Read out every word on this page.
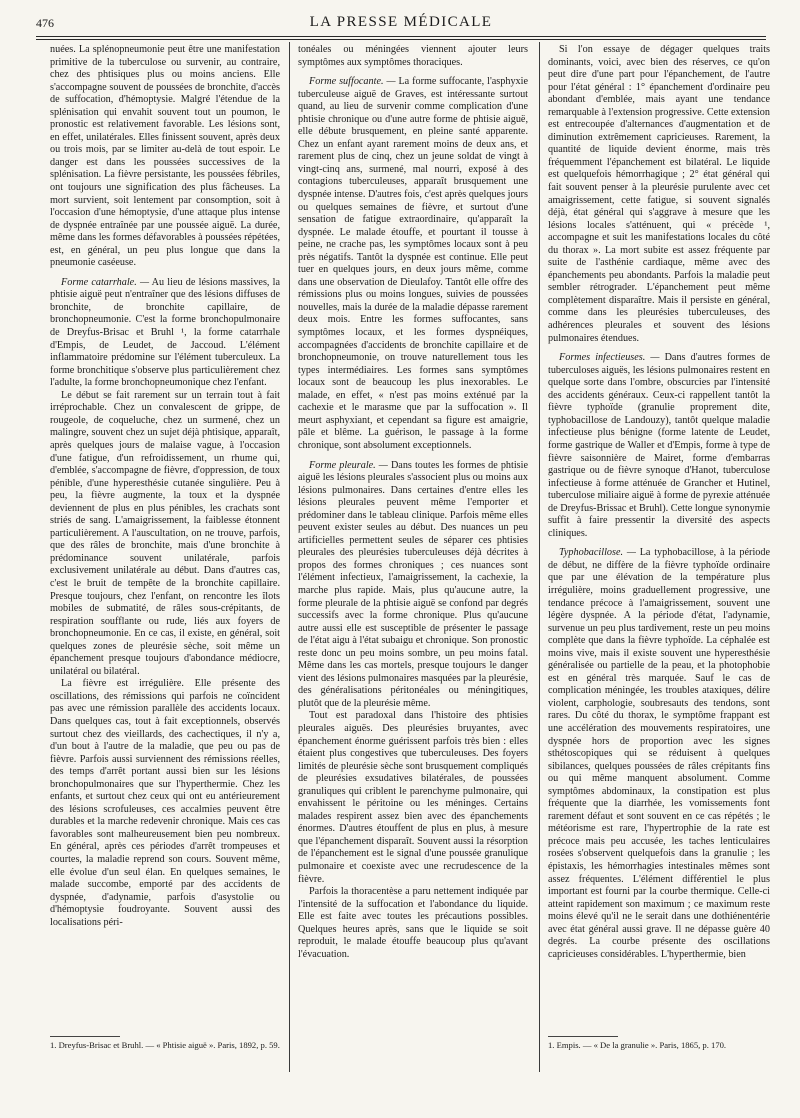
476	LA PRESSE MÉDICALE

nuées. La splénopneumonie peut être une manifestation primitive de la tuberculose ou survenir, au contraire, chez des phtisiques plus ou moins anciens. Elle s'accompagne souvent de poussées de bronchite, d'accès de suffocation, d'hémoptysie. Malgré l'étendue de la splénisation qui envahit souvent tout un poumon, le pronostic est relativement favorable. Les lésions sont, en effet, unilatérales. Elles finissent souvent, après deux ou trois mois, par se limiter au-delà de tout espoir. Le danger est dans les poussées successives de la splénisation. La fièvre persistante, les poussées fébriles, ont toujours une signification des plus fâcheuses. La mort survient, soit lentement par consomption, soit à l'occasion d'une hémoptysie, d'une attaque plus intense de dyspnée entraînée par une poussée aiguë. La durée, même dans les formes défavorables à poussées répétées, est, en général, un peu plus longue que dans la pneumonie caséeuse.

Forme catarrhale. — Au lieu de lésions massives, la phtisie aiguë peut n'entraîner que des lésions diffuses de bronchite, de bronchite capillaire, de bronchopneumonie. C'est la forme bronchopulmonaire de Dreyfus-Brisac et Bruhl ¹, la forme catarrhale d'Empis, de Leudet, de Jaccoud. L'élément inflammatoire prédomine sur l'élément tuberculeux. La forme bronchitique s'observe plus particulièrement chez l'adulte, la forme bronchopneumonique chez l'enfant.

Le début se fait rarement sur un terrain tout à fait irréprochable. Chez un convalescent de grippe, de rougeole, de coqueluche, chez un surmené, chez un malingre, souvent chez un sujet déjà phtisique, apparaît, après quelques jours de malaise vague, à l'occasion d'une fatigue, d'un refroidissement, un rhume qui, d'emblée, s'accompagne de fièvre, d'oppression, de toux pénible, d'une hyperesthésie cutanée singulière. Peu à peu, la fièvre augmente, la toux et la dyspnée deviennent de plus en plus pénibles, les crachats sont striés de sang. L'amaigrissement, la faiblesse étonnent particulièrement. A l'auscultation, on ne trouve, parfois, que des râles de bronchite, mais d'une bronchite à prédominance souvent unilatérale, parfois exclusivement unilatérale au début. Dans d'autres cas, c'est le bruit de tempête de la bronchite capillaire. Presque toujours, chez l'enfant, on rencontre les îlots mobiles de submatité, de râles sous-crépitants, de respiration soufflante ou rude, liés aux foyers de bronchopneumonie. En ce cas, il existe, en général, soit quelques zones de pleurésie sèche, soit même un épanchement presque toujours d'abondance médiocre, unilatéral ou bilatéral.

La fièvre est irrégulière. Elle présente des oscillations, des rémissions qui parfois ne coïncident pas avec une rémission parallèle des accidents locaux. Dans quelques cas, tout à fait exceptionnels, observés surtout chez des vieillards, des cachectiques, il n'y a, d'un bout à l'autre de la maladie, que peu ou pas de fièvre. Parfois aussi surviennent des rémissions réelles, des temps d'arrêt portant aussi bien sur les lésions bronchopulmonaires que sur l'hyperthermie. Chez les enfants, et surtout chez ceux qui ont eu antérieurement des lésions scrofuleuses, ces accalmies peuvent être durables et la marche redevenir chronique. Mais ces cas favorables sont malheureusement bien peu nombreux. En général, après ces périodes d'arrêt trompeuses et courtes, la maladie reprend son cours. Souvent même, elle évolue d'un seul élan. En quelques semaines, le malade succombe, emporté par des accidents de dyspnée, d'adynamie, parfois d'asystolie ou d'hémoptysie foudroyante. Souvent aussi des localisations péri-

tonéales ou méningées viennent ajouter leurs symptômes aux symptômes thoraciques.

Forme suffocante. — La forme suffocante, l'asphyxie tuberculeuse aiguë de Graves, est intéressante surtout quand, au lieu de survenir comme complication d'une phtisie chronique ou d'une autre forme de phtisie aiguë, elle débute brusquement, en pleine santé apparente. Chez un enfant ayant rarement moins de deux ans, et rarement plus de cinq, chez un jeune soldat de vingt à vingt-cinq ans, surmené, mal nourri, exposé à des contagions tuberculeuses, apparaît brusquement une dyspnée intense. D'autres fois, c'est après quelques jours ou quelques semaines de fièvre, et surtout d'une sensation de fatigue extraordinaire, qu'apparaît la dyspnée. Le malade étouffe, et pourtant il tousse à peine, ne crache pas, les symptômes locaux sont à peu près négatifs. Tantôt la dyspnée est continue. Elle peut tuer en quelques jours, en deux jours même, comme dans une observation de Dieulafoy. Tantôt elle offre des rémissions plus ou moins longues, suivies de poussées nouvelles, mais la durée de la maladie dépasse rarement deux mois. Entre les formes suffocantes, sans symptômes locaux, et les formes dyspnéiques, accompagnées d'accidents de bronchite capillaire et de bronchopneumonie, on trouve naturellement tous les types intermédiaires. Les formes sans symptômes locaux sont de beaucoup les plus inexorables. Le malade, en effet, « n'est pas moins exténué par la cachexie et le marasme que par la suffocation ». Il meurt asphyxiant, et cependant sa figure est amaigrie, pâle et blême. La guérison, le passage à la forme chronique, sont absolument exceptionnels.

Forme pleurale. — Dans toutes les formes de phtisie aiguë les lésions pleurales s'associent plus ou moins aux lésions pulmonaires. Dans certaines d'entre elles les lésions pleurales peuvent même l'emporter et prédominer dans le tableau clinique. Parfois même elles peuvent exister seules au début. Des nuances un peu artificielles permettent seules de séparer ces phtisies pleurales des pleurésies tuberculeuses déjà décrites à propos des formes chroniques ; ces nuances sont l'élément infectieux, l'amaigrissement, la cachexie, la marche plus rapide. Mais, plus qu'aucune autre, la forme pleurale de la phtisie aiguë se confond par degrés successifs avec la forme chronique. Plus qu'aucune autre aussi elle est susceptible de présenter le passage de l'état aigu à l'état subaigu et chronique. Son pronostic reste donc un peu moins sombre, un peu moins fatal. Même dans les cas mortels, presque toujours le danger vient des lésions pulmonaires masquées par la pleurésie, des généralisations péritonéales ou méningitiques, plutôt que de la pleurésie même.

Tout est paradoxal dans l'histoire des phtisies pleurales aiguës. Des pleurésies bruyantes, avec épanchement énorme guérissent parfois très bien : elles étaient plus congestives que tuberculeuses. Des foyers limités de pleurésie sèche sont brusquement compliqués de pleurésies exsudatives bilatérales, de poussées granuliques qui criblent le parenchyme pulmonaire, qui envahissent le péritoine ou les méninges. Certains malades respirent assez bien avec des épanchements énormes. D'autres étouffent de plus en plus, à mesure que l'épanchement disparaît. Souvent aussi la résorption de l'épanchement est le signal d'une poussée granulique pulmonaire et coexiste avec une recrudescence de la fièvre.

Parfois la thoracentèse a paru nettement indiquée par l'intensité de la suffocation et l'abondance du liquide. Elle est faite avec toutes les précautions possibles. Quelques heures après, sans que le liquide se soit reproduit, le malade étouffe beaucoup plus qu'avant l'évacuation.

Si l'on essaye de dégager quelques traits dominants, voici, avec bien des réserves, ce qu'on peut dire d'une part pour l'épanchement, de l'autre pour l'état général : 1° épanchement d'ordinaire peu abondant d'emblée, mais ayant une tendance remarquable à l'extension progressive. Cette extension est entrecoupée d'alternances d'augmentation et de diminution extrêmement capricieuses. Rarement, la quantité de liquide devient énorme, mais très fréquemment l'épanchement est bilatéral. Le liquide est quelquefois hémorrhagique ; 2° état général qui fait souvent penser à la pleurésie purulente avec cet amaigrissement, cette fatigue, si souvent signalés déjà, état général qui s'aggrave à mesure que les lésions locales s'atténuent, qui « précède ¹, accompagne et suit les manifestations locales du côté du thorax ». La mort subite est assez fréquente par suite de l'asthénie cardiaque, même avec des épanchements peu abondants. Parfois la maladie peut sembler rétrograder. L'épanchement peut même complètement disparaître. Mais il persiste en général, comme dans les pleurésies tuberculeuses, des adhérences pleurales et souvent des lésions pulmonaires étendues.

Formes infectieuses. — Dans d'autres formes de tuberculoses aiguës, les lésions pulmonaires restent en quelque sorte dans l'ombre, obscurcies par l'intensité des accidents généraux. Ceux-ci rappellent tantôt la fièvre typhoïde (granulie proprement dite, typhobacillose de Landouzy), tantôt quelque maladie infectieuse plus bénigne (forme latente de Leudet, forme gastrique de Waller et d'Empis, forme à type de fièvre saisonnière de Mairet, forme d'embarras gastrique ou de fièvre synoque d'Hanot, tuberculose infectieuse à forme atténuée de Grancher et Hutinel, tuberculose miliaire aiguë à forme de pyrexie atténuée de Dreyfus-Brissac et Bruhl). Cette longue synonymie suffit à faire pressentir la diversité des aspects cliniques.

Typhobacillose. — La typhobacillose, à la période de début, ne diffère de la fièvre typhoïde ordinaire que par une élévation de la température plus irrégulière, moins graduellement progressive, une tendance précoce à l'amaigrissement, souvent une légère dyspnée. A la période d'état, l'adynamie, survenue un peu plus tardivement, reste un peu moins complète que dans la fièvre typhoïde. La céphalée est moins vive, mais il existe souvent une hyperesthésie généralisée ou partielle de la peau, et la photophobie est en général très marquée. Sauf le cas de complication méningée, les troubles ataxiques, délire violent, carphologie, soubresauts des tendons, sont rares. Du côté du thorax, le symptôme frappant est une accélération des mouvements respiratoires, une dyspnée hors de proportion avec les signes sthétoscopiques qui se réduisent à quelques sibilances, quelques poussées de râles crépitants fins ou qui même manquent absolument. Comme symptômes abdominaux, la constipation est plus fréquente que la diarrhée, les vomissements font rarement défaut et sont souvent en ce cas répétés ; le météorisme est rare, l'hypertrophie de la rate est précoce mais peu accusée, les taches lenticulaires rosées s'observent quelquefois dans la granulie ; les épistaxis, les hémorrhagies intestinales mêmes sont assez fréquentes. L'élément différentiel le plus important est fourni par la courbe thermique. Celle-ci atteint rapidement son maximum ; ce maximum reste moins élevé qu'il ne le serait dans une dothiénentérie avec état général aussi grave. Il ne dépasse guère 40 degrés. La courbe présente des oscillations capricieuses considérables. L'hyperthermie, bien

1. Dreyfus-Brisac et Bruhl. — « Phtisie aiguë ». Paris, 1892, p. 59.	1. Empis. — « De la granulie ». Paris, 1865, p. 170.
